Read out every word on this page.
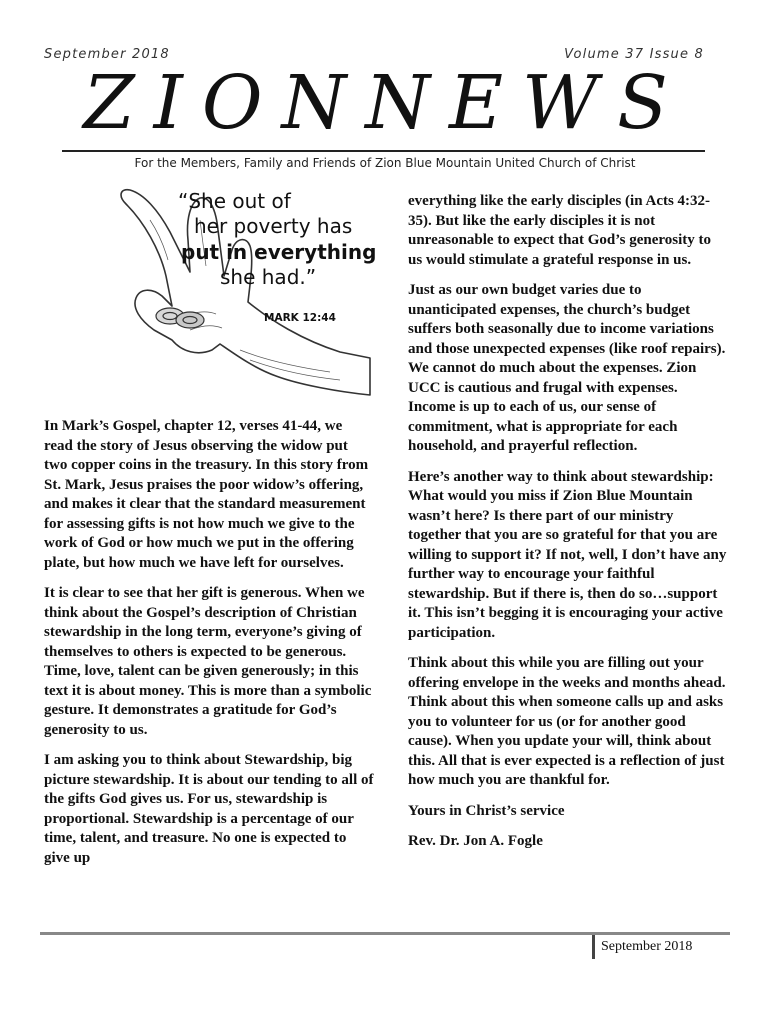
September 2018	Volume 37 Issue 8
ZIONNEWS
For the Members, Family and Friends of Zion Blue Mountain United Church of Christ
“She out of
her poverty has
put in everything
she had.”
MARK 12:44

In Mark’s Gospel, chapter 12, verses 41-44, we read the story of Jesus observing the widow put two copper coins in the treasury. In this story from St. Mark, Jesus praises the poor widow’s offering, and makes it clear that the standard measurement for assessing gifts is not how much we give to the work of God or how much we put in the offering plate, but how much we have left for ourselves.

It is clear to see that her gift is generous. When we think about the Gospel’s description of Christian stewardship in the long term, everyone’s giving of themselves to others is expected to be generous. Time, love, talent can be given generously; in this text it is about money. This is more than a symbolic gesture. It demonstrates a gratitude for God’s generosity to us.

I am asking you to think about Stewardship, big picture stewardship. It is about our tending to all of the gifts God gives us. For us, stewardship is proportional. Stewardship is a percentage of our time, talent, and treasure. No one is expected to give up

everything like the early disciples (in Acts 4:32-35). But like the early disciples it is not unreasonable to expect that God’s generosity to us would stimulate a grateful response in us.

Just as our own budget varies due to unanticipated expenses, the church’s budget suffers both seasonally due to income variations and those unexpected expenses (like roof repairs). We cannot do much about the expenses. Zion UCC is cautious and frugal with expenses. Income is up to each of us, our sense of commitment, what is appropriate for each household, and prayerful reflection.

Here’s another way to think about stewardship: What would you miss if Zion Blue Mountain wasn’t here? Is there part of our ministry together that you are so grateful for that you are willing to support it? If not, well, I don’t have any further way to encourage your faithful stewardship. But if there is, then do so…support it. This isn’t begging it is encouraging your active participation.

Think about this while you are filling out your offering envelope in the weeks and months ahead. Think about this when someone calls up and asks you to volunteer for us (or for another good cause). When you update your will, think about this. All that is ever expected is a reflection of just how much you are thankful for.

Yours in Christ’s service

Rev. Dr. Jon A. Fogle

September 2018
